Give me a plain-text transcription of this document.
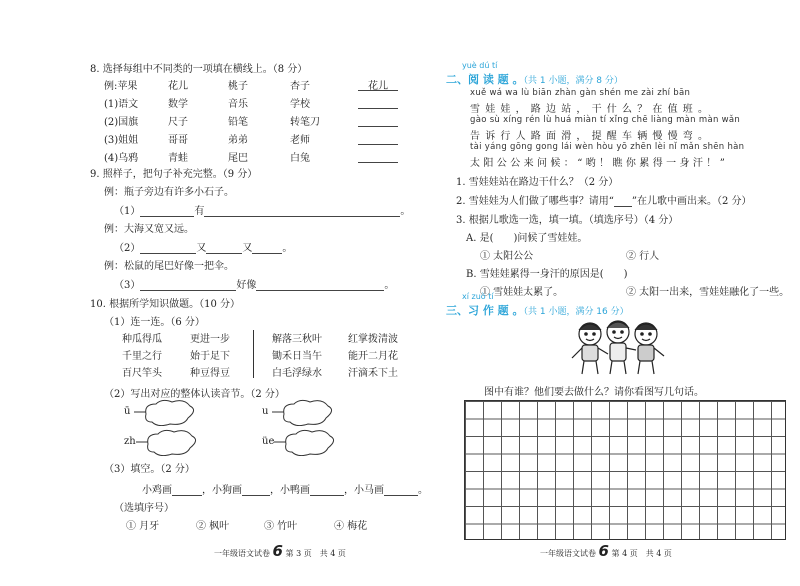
8. 选择每组中不同类的一项填在横线上。（8 分）
例:苹果	花儿	桃子	杏子	花儿
(1)语文	数学	音乐	学校
(2)国旗	尺子	铅笔	转笔刀
(3)姐姐	哥哥	弟弟	老师
(4)乌鸦	青蛙	尾巴	白兔
9. 照样子，把句子补充完整。（9 分）
例：瓶子旁边有许多小石子。
（1）	有	。
例：大海又宽又远。
（2）	又	又	。
例：松鼠的尾巴好像一把伞。
（3）	好像	。
10. 根据所学知识做题。（10 分）
（1）连一连。（6 分）
种瓜得瓜	更进一步	解落三秋叶	红掌拨清波
千里之行	始于足下	锄禾日当午	能开二月花
百尺竿头	种豆得豆	白毛浮绿水	汗滴禾下土
（2）写出对应的整体认读音节。（2 分）
ū	u
zh	üe
（3）填空。（2 分）
小鸡画	，小狗画	，小鸭画	，小马画	。
（选填序号）
① 月牙	② 枫叶	③ 竹叶	④ 梅花
一年级语文试卷 6 第 3 页　共 4 页
yuè dú tí
二、阅 读 题 。（共 1 小题，满分 8 分）
xuě wá wa lù biān zhàn gàn shén me zài zhí bān
雪娃娃，路边站，干什么？在值班。
gào sù xíng rén lù huá miàn tí xǐng chē liàng màn màn wǎn
告诉行人路面滑，提醒车辆慢慢弯。
tài yáng gōng gong lái wèn hòu yō zhēn lèi nǐ mǎn shēn hàn
太阳公公来问候：“哟！瞧你累得一身汗！”
1. 雪娃娃站在路边干什么？（2 分）
2. 雪娃娃为人们做了哪些事？请用“ ”在儿歌中画出来。（2 分）
3. 根据儿歌选一选，填一填。（填选序号）（4 分）
A. 是( )问候了雪娃娃。
① 太阳公公	② 行人
B. 雪娃娃累得一身汗的原因是( )
① 雪娃娃太累了。	② 太阳一出来，雪娃娃融化了一些。
xí zuò tí
三、习 作 题 。（共 1 小题，满分 16 分）
图中有谁？他们要去做什么？请你看图写几句话。
一年级语文试卷 6 第 4 页　共 4 页
